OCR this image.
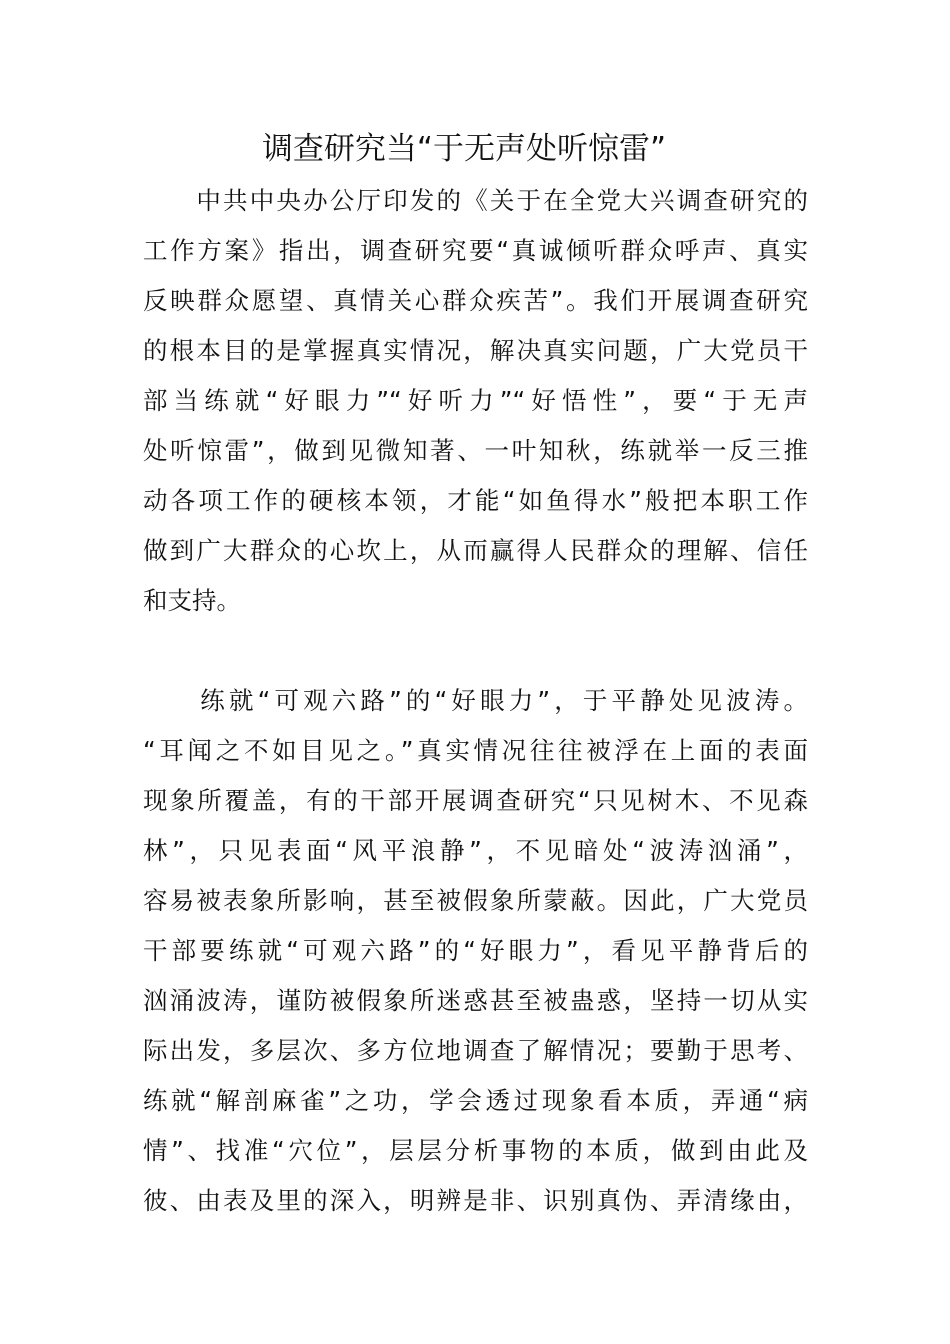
调查研究当“于无声处听惊雷”
　　中共中央办公厅印发的《关于在全党大兴调查研究的
工作方案》指出，调查研究要“真诚倾听群众呼声、真实
反映群众愿望、真情关心群众疾苦”。我们开展调查研究
的根本目的是掌握真实情况，解决真实问题，广大党员干
部当练就“好眼力”“好听力”“好悟性”，要“于无声
处听惊雷”，做到见微知著、一叶知秋，练就举一反三推
动各项工作的硬核本领，才能“如鱼得水”般把本职工作
做到广大群众的心坎上，从而赢得人民群众的理解、信任
和支持。
　　练就“可观六路”的“好眼力”，于平静处见波涛。
“耳闻之不如目见之。”真实情况往往被浮在上面的表面
现象所覆盖，有的干部开展调查研究“只见树木、不见森
林”，只见表面“风平浪静”，不见暗处“波涛汹涌”，
容易被表象所影响，甚至被假象所蒙蔽。因此，广大党员
干部要练就“可观六路”的“好眼力”，看见平静背后的
汹涌波涛，谨防被假象所迷惑甚至被蛊惑，坚持一切从实
际出发，多层次、多方位地调查了解情况；要勤于思考、
练就“解剖麻雀”之功，学会透过现象看本质，弄通“病
情”、找准“穴位”，层层分析事物的本质，做到由此及
彼、由表及里的深入，明辨是非、识别真伪、弄清缘由，
